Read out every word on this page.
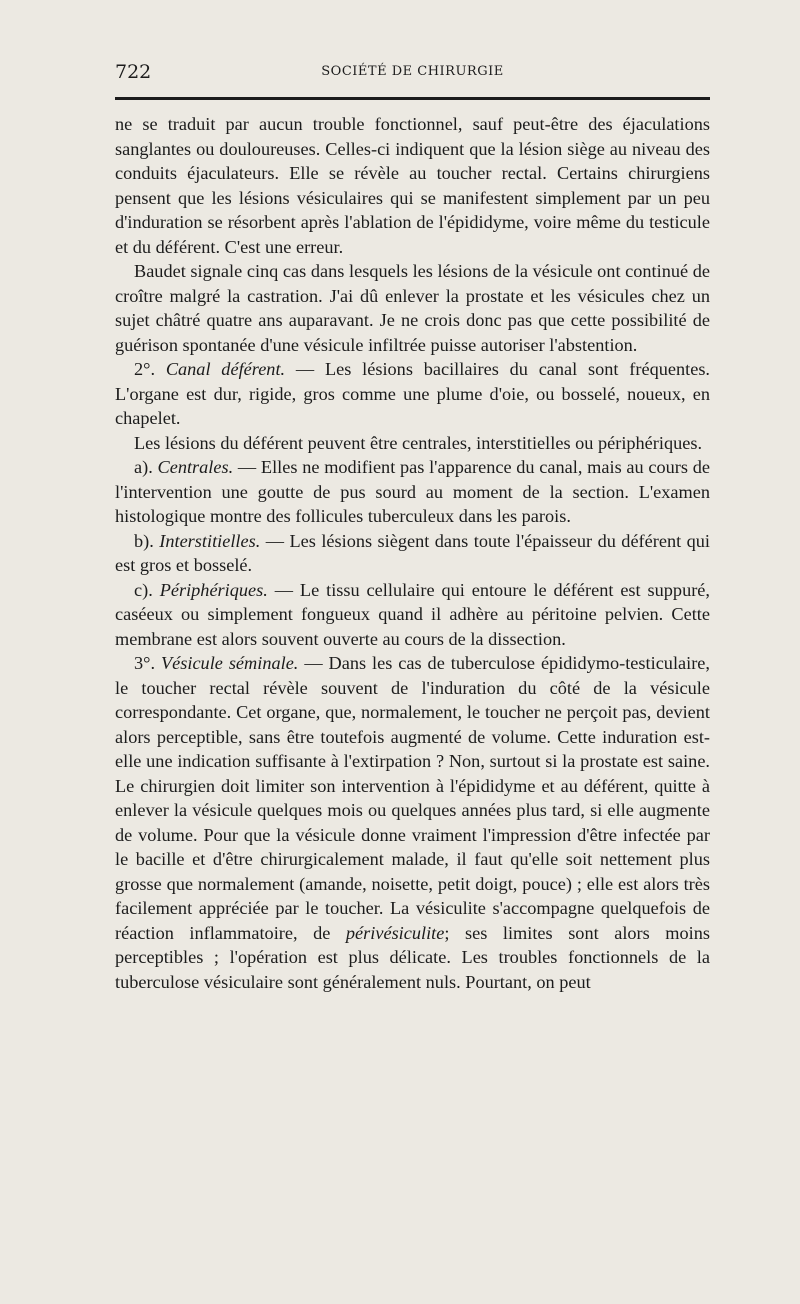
722	SOCIÉTÉ DE CHIRURGIE

ne se traduit par aucun trouble fonctionnel, sauf peut-être des éjaculations sanglantes ou douloureuses. Celles-ci indiquent que la lésion siège au niveau des conduits éjaculateurs. Elle se révèle au toucher rectal. Certains chirurgiens pensent que les lésions vésiculaires qui se manifestent simplement par un peu d'induration se résorbent après l'ablation de l'épididyme, voire même du testicule et du déférent. C'est une erreur.

Baudet signale cinq cas dans lesquels les lésions de la vésicule ont continué de croître malgré la castration. J'ai dû enlever la prostate et les vésicules chez un sujet châtré quatre ans auparavant. Je ne crois donc pas que cette possibilité de guérison spontanée d'une vésicule infiltrée puisse autoriser l'abstention.

2°. Canal déférent. — Les lésions bacillaires du canal sont fréquentes. L'organe est dur, rigide, gros comme une plume d'oie, ou bosselé, noueux, en chapelet.

Les lésions du déférent peuvent être centrales, interstitielles ou périphériques.

a). Centrales. — Elles ne modifient pas l'apparence du canal, mais au cours de l'intervention une goutte de pus sourd au moment de la section. L'examen histologique montre des follicules tuberculeux dans les parois.

b). Interstitielles. — Les lésions siègent dans toute l'épaisseur du déférent qui est gros et bosselé.

c). Périphériques. — Le tissu cellulaire qui entoure le déférent est suppuré, caséeux ou simplement fongueux quand il adhère au péritoine pelvien. Cette membrane est alors souvent ouverte au cours de la dissection.

3°. Vésicule séminale. — Dans les cas de tuberculose épididymo-testiculaire, le toucher rectal révèle souvent de l'induration du côté de la vésicule correspondante. Cet organe, que, normalement, le toucher ne perçoit pas, devient alors perceptible, sans être toutefois augmenté de volume. Cette induration est-elle une indication suffisante à l'extirpation ? Non, surtout si la prostate est saine. Le chirurgien doit limiter son intervention à l'épididyme et au déférent, quitte à enlever la vésicule quelques mois ou quelques années plus tard, si elle augmente de volume. Pour que la vésicule donne vraiment l'impression d'être infectée par le bacille et d'être chirurgicalement malade, il faut qu'elle soit nettement plus grosse que normalement (amande, noisette, petit doigt, pouce) ; elle est alors très facilement appréciée par le toucher. La vésiculite s'accompagne quelquefois de réaction inflammatoire, de périvésiculite; ses limites sont alors moins perceptibles ; l'opération est plus délicate. Les troubles fonctionnels de la tuberculose vésiculaire sont généralement nuls. Pourtant, on peut
